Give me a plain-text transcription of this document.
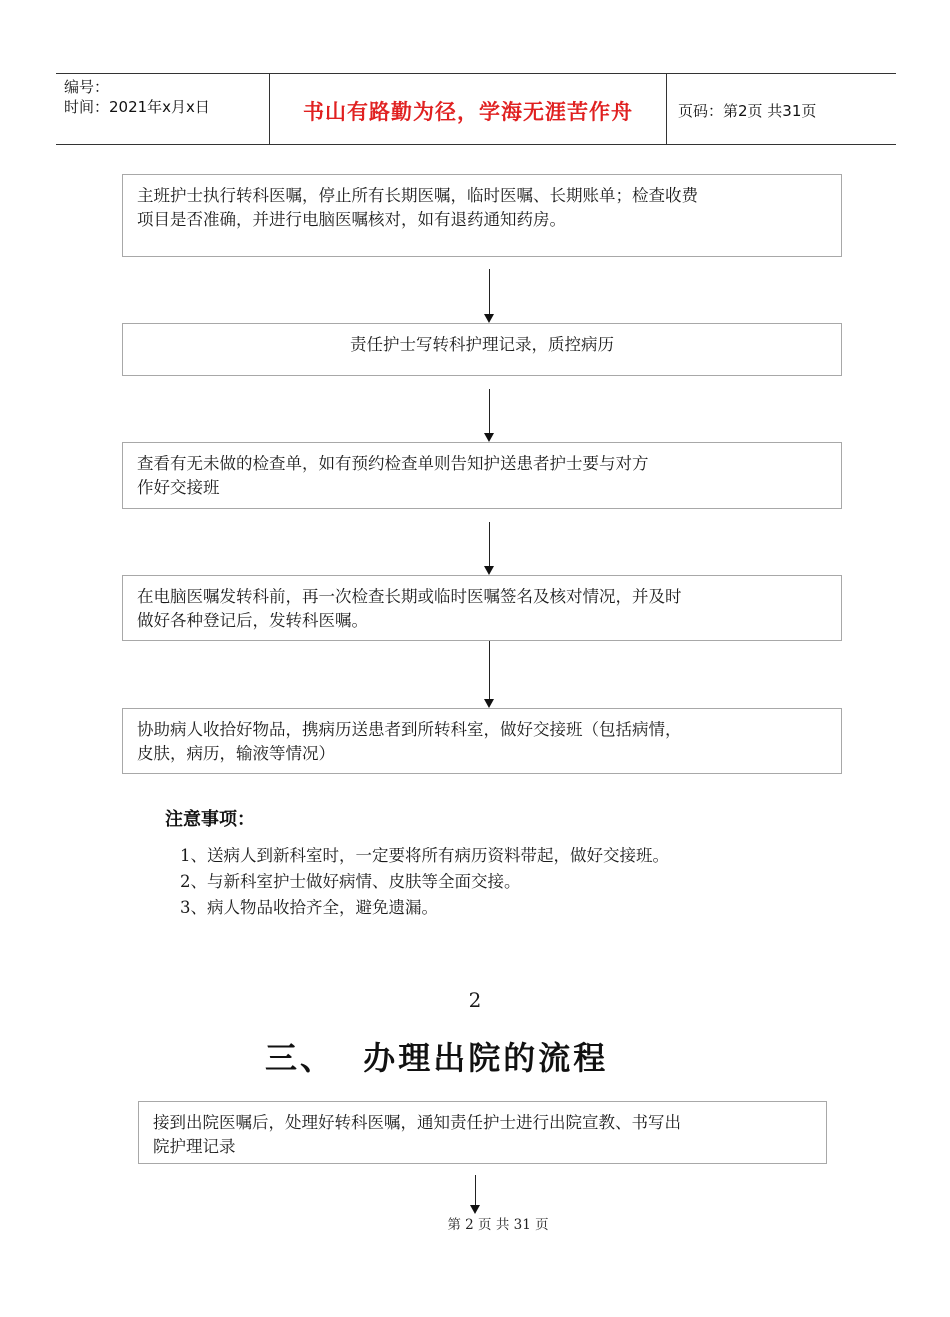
编号：
时间：2021年x月x日	书山有路勤为径，学海无涯苦作舟	页码：第2页 共31页
主班护士执行转科医嘱，停止所有长期医嘱，临时医嘱、长期账单；检查收费
项目是否准确，并进行电脑医嘱核对，如有退药通知药房。
责任护士写转科护理记录，质控病历
查看有无未做的检查单，如有预约检查单则告知护送患者护士要与对方
作好交接班
在电脑医嘱发转科前，再一次检查长期或临时医嘱签名及核对情况，并及时
做好各种登记后，发转科医嘱。
协助病人收拾好物品，携病历送患者到所转科室，做好交接班（包括病情，
皮肤，病历，输液等情况）
注意事项：
1、送病人到新科室时，一定要将所有病历资料带起，做好交接班。
2、与新科室护士做好病情、皮肤等全面交接。
3、病人物品收拾齐全，避免遗漏。
2
三、  办理出院的流程
接到出院医嘱后，处理好转科医嘱，通知责任护士进行出院宣教、书写出
院护理记录
第 2 页 共 31 页
